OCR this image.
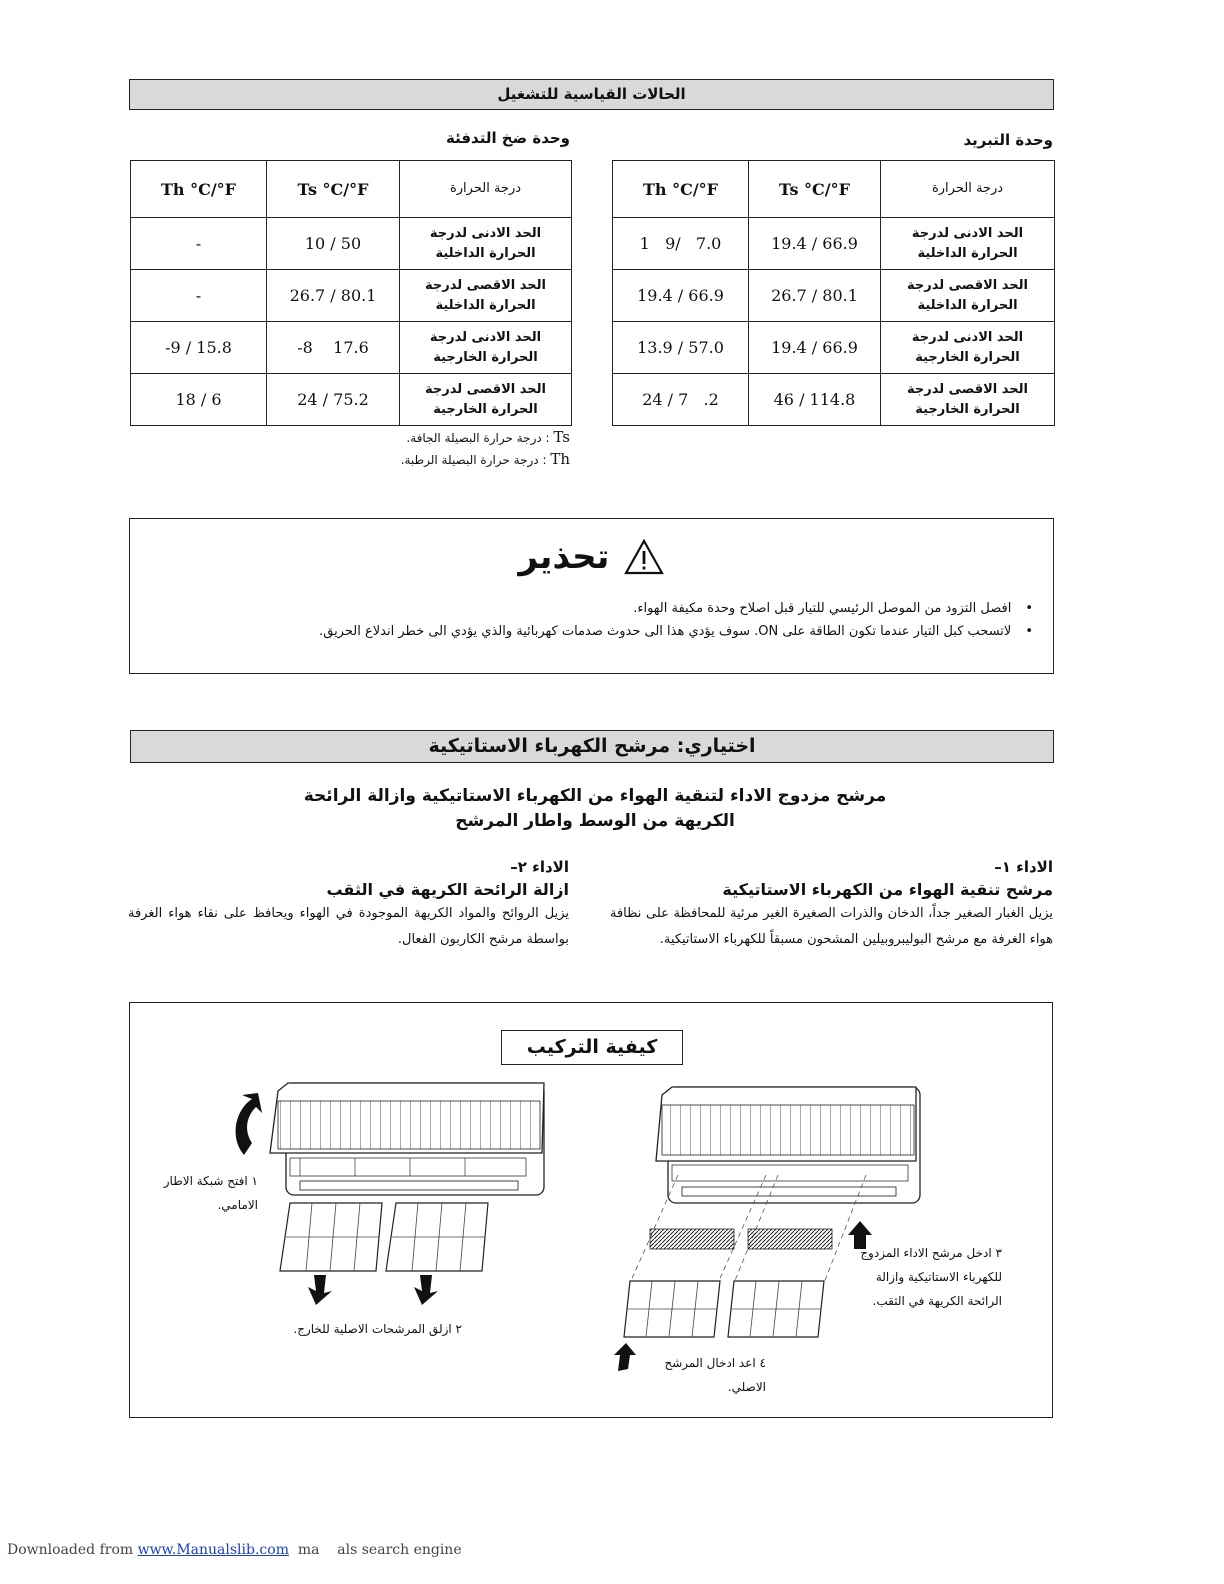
الحالات القياسية للتشغيل
وحدة التبريد
وحدة ضخ التدفئة
Th °C/°F	Ts °C/°F	درجة الحرارة
1   9/   7.0	19.4 / 66.9	الحد الادنى لدرجة الحرارة الداخلية
19.4 / 66.9	26.7 / 80.1	الحد الاقصى لدرجة الحرارة الداخلية
13.9 / 57.0	19.4 / 66.9	الحد الادنى لدرجة الحرارة الخارجية
24 / 7   .2	46 / 114.8	الحد الاقصى لدرجة الحرارة الخارجية
Th °C/°F	Ts °C/°F	درجة الحرارة
-	10 / 50	الحد الادنى لدرجة الحرارة الداخلية
-	26.7 / 80.1	الحد الاقصى لدرجة الحرارة الداخلية
-9 / 15.8	-8    17.6	الحد الادنى لدرجة الحرارة الخارجية
18 / 6	24 / 75.2	الحد الاقصى لدرجة الحرارة الخارجية
Ts : درجة حرارة البصيلة الجافة.
Th : درجة حرارة البصيلة الرطبة.
تحذير
• افصل التزود من الموصل الرئيسي للتيار قبل اصلاح وحدة مكيفة الهواء.
• لاتسحب كبل التيار عندما تكون الطاقة على ON. سوف يؤدي هذا الى حدوث صدمات كهربائية والذي يؤدي الى خطر اندلاع الحريق.
اختياري: مرشح الكهرباء الاستاتيكية
مرشح مزدوج الاداء لتنقية الهواء من الكهرباء الاستاتيكية وازالة الرائحة
الكريهة من الوسط واطار المرشح
الاداء ١–
مرشح تنقية الهواء من الكهرباء الاستاتيكية
يزيل الغبار الصغير جداً، الدخان والذرات الصغيرة الغير مرئية للمحافظة على نظافة هواء الغرفة مع مرشح البوليبروبيلين المشحون مسبقاً للكهرباء الاستاتيكية.
الاداء ٢–
ازالة الرائحة الكريهة في الثقب
يزيل الروائح والمواد الكريهة الموجودة في الهواء ويحافظ على نقاء هواء الغرفة بواسطة مرشح الكاربون الفعال.
كيفية التركيب
١ افتح شبكة الاطار الامامي.
٢ ازلق المرشحات الاصلية للخارج.
٣ ادخل مرشح الاداء المزدوج للكهرباء الاستاتيكية وازالة الرائحة الكريهة في الثقب.
٤ اعد ادخال المرشح الاصلي.
Downloaded from www.Manualslib.com  ma    als search engine
